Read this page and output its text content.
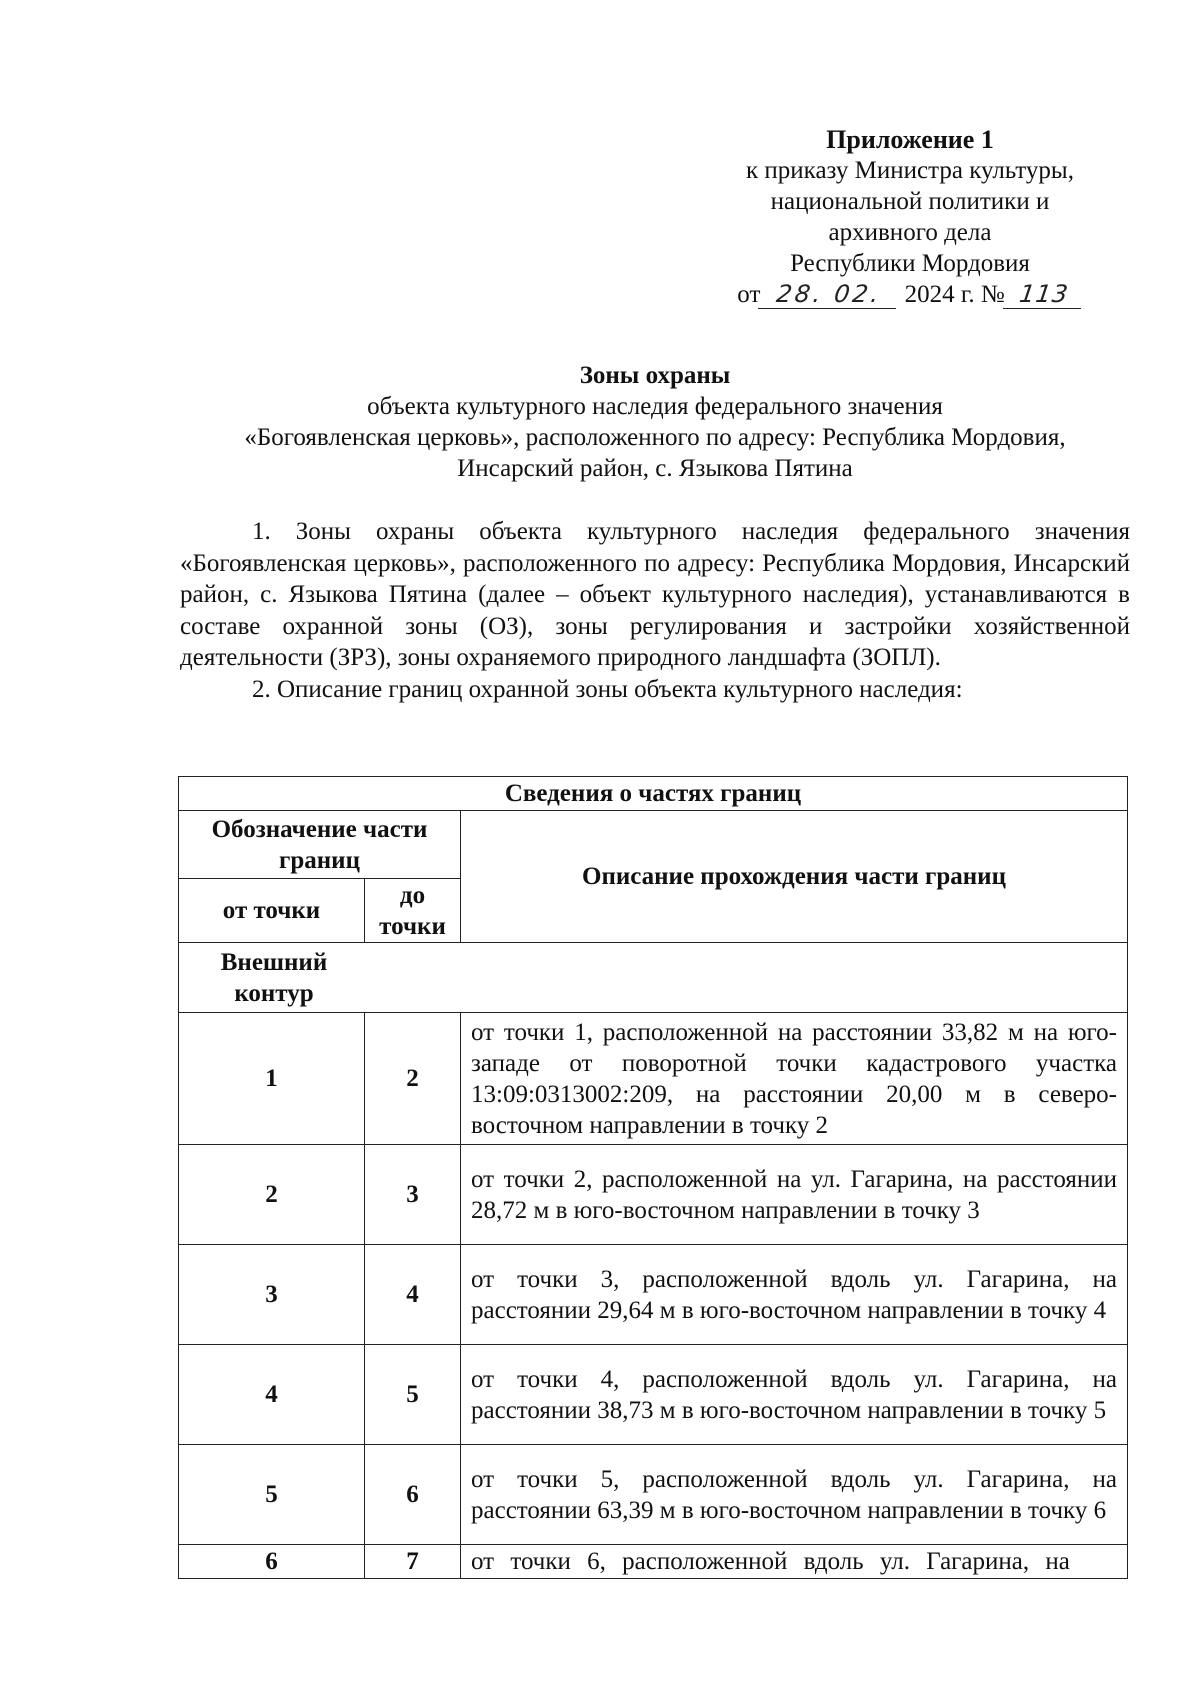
Приложение 1
к приказу Министра культуры,
национальной политики и
архивного дела
Республики Мордовия
от 28. 02. 2024 г. № 113
Зоны охраны
объекта культурного наследия федерального значения
«Богоявленская церковь», расположенного по адресу: Республика Мордовия,
Инсарский район, с. Языкова Пятина

1. Зоны охраны объекта культурного наследия федерального значения «Богоявленская церковь», расположенного по адресу: Республика Мордовия, Инсарский район, с. Языкова Пятина (далее – объект культурного наследия), устанавливаются в составе охранной зоны (ОЗ), зоны регулирования и застройки хозяйственной деятельности (ЗРЗ), зоны охраняемого природного ландшафта (ЗОПЛ).

2. Описание границ охранной зоны объекта культурного наследия:

Сведения о частях границ		
Обозначение части границ		Описание прохождения части границ
от точки	до точки	

Внешний контур		

1	2	от точки 1, расположенной на расстоянии 33,82 м на юго-западе от поворотной точки кадастрового участка 13:09:0313002:209, на расстоянии 20,00 м в северо-восточном направлении в точку 2
2	3	от точки 2, расположенной на ул. Гагарина, на расстоянии 28,72 м в юго-восточном направлении в точку 3
3	4	от точки 3, расположенной вдоль ул. Гагарина, на расстоянии 29,64 м в юго-восточном направлении в точку 4
4	5	от точки 4, расположенной вдоль ул. Гагарина, на расстоянии 38,73 м в юго-восточном направлении в точку 5
5	6	от точки 5, расположенной вдоль ул. Гагарина, на расстоянии 63,39 м в юго-восточном направлении в точку 6
6	7	от точки 6, расположенной вдоль ул. Гагарина, на
